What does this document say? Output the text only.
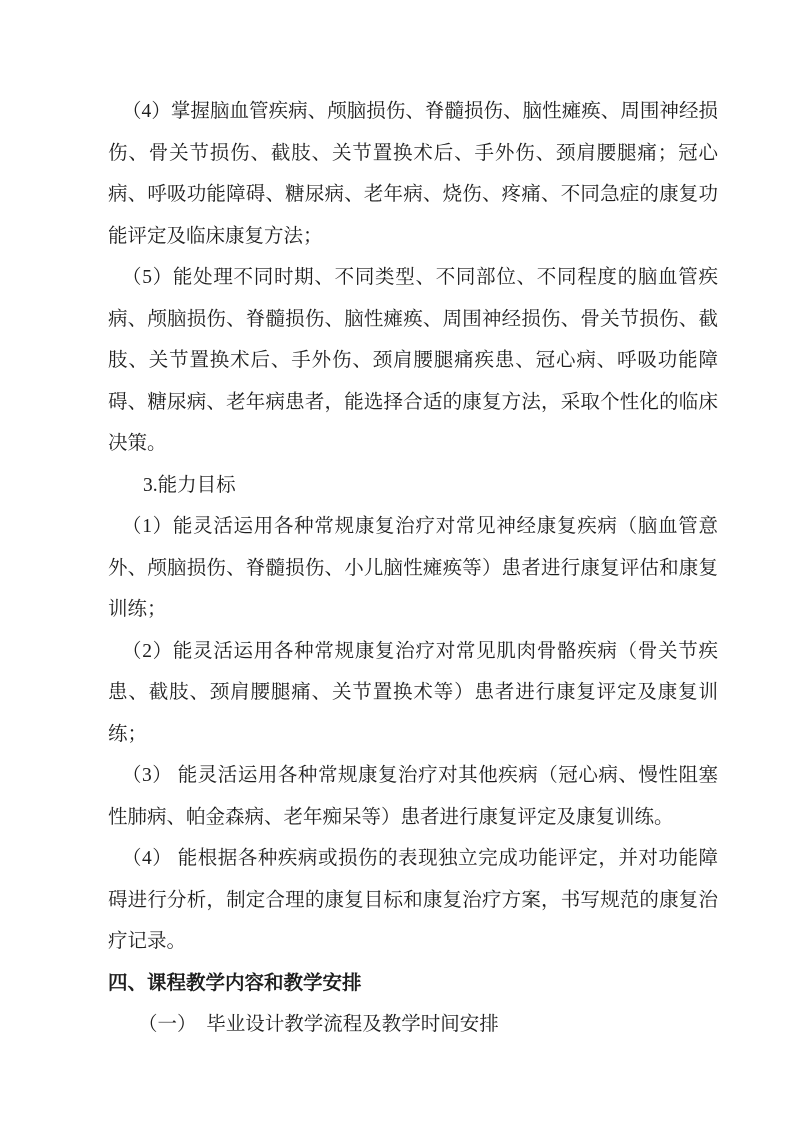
（4）掌握脑血管疾病、颅脑损伤、脊髓损伤、脑性瘫痪、周围神经损伤、骨关节损伤、截肢、关节置换术后、手外伤、颈肩腰腿痛；冠心病、呼吸功能障碍、糖尿病、老年病、烧伤、疼痛、不同急症的康复功能评定及临床康复方法；

（5）能处理不同时期、不同类型、不同部位、不同程度的脑血管疾病、颅脑损伤、脊髓损伤、脑性瘫痪、周围神经损伤、骨关节损伤、截肢、关节置换术后、手外伤、颈肩腰腿痛疾患、冠心病、呼吸功能障碍、糖尿病、老年病患者，能选择合适的康复方法，采取个性化的临床决策。

3.能力目标

（1）能灵活运用各种常规康复治疗对常见神经康复疾病（脑血管意外、颅脑损伤、脊髓损伤、小儿脑性瘫痪等）患者进行康复评估和康复训练；

（2）能灵活运用各种常规康复治疗对常见肌肉骨骼疾病（骨关节疾患、截肢、颈肩腰腿痛、关节置换术等）患者进行康复评定及康复训练；

（3） 能灵活运用各种常规康复治疗对其他疾病（冠心病、慢性阻塞性肺病、帕金森病、老年痴呆等）患者进行康复评定及康复训练。

（4） 能根据各种疾病或损伤的表现独立完成功能评定，并对功能障碍进行分析，制定合理的康复目标和康复治疗方案，书写规范的康复治疗记录。

四、课程教学内容和教学安排

（一）　毕业设计教学流程及教学时间安排
